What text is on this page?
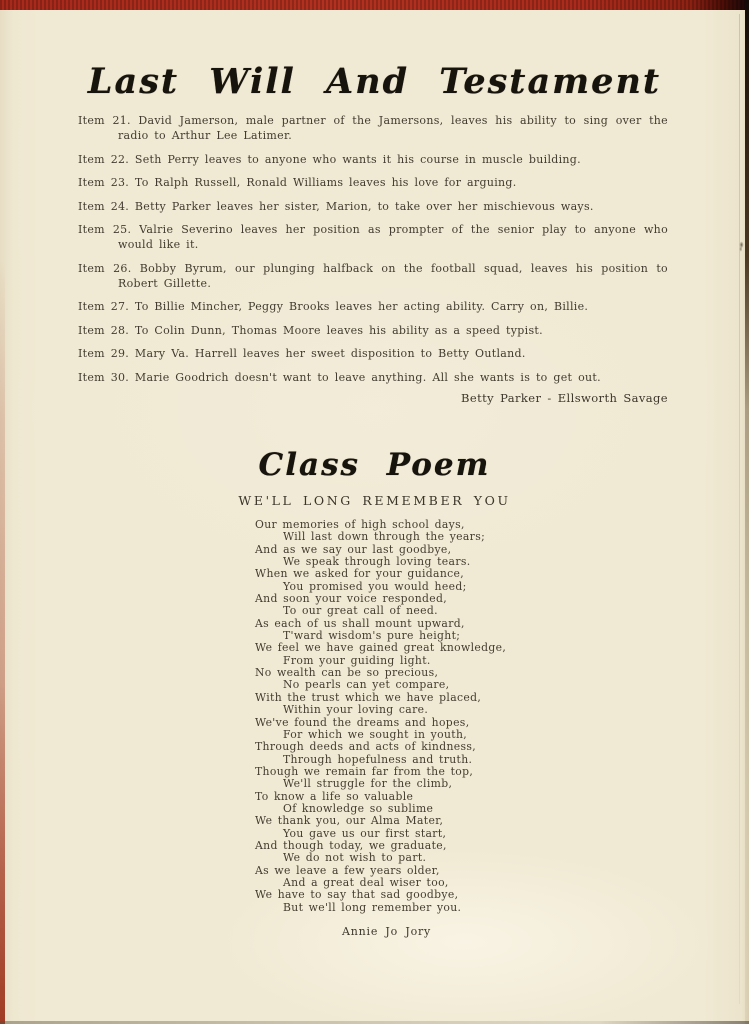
Last Will And Testament
Item 21. David Jamerson, male partner of the Jamersons, leaves his ability to sing over the radio to Arthur Lee Latimer.
Item 22. Seth Perry leaves to anyone who wants it his course in muscle building.
Item 23. To Ralph Russell, Ronald Williams leaves his love for arguing.
Item 24. Betty Parker leaves her sister, Marion, to take over her mischievous ways.
Item 25. Valrie Severino leaves her position as prompter of the senior play to anyone who would like it.
Item 26. Bobby Byrum, our plunging halfback on the football squad, leaves his position to Robert Gillette.
Item 27. To Billie Mincher, Peggy Brooks leaves her acting ability. Carry on, Billie.
Item 28. To Colin Dunn, Thomas Moore leaves his ability as a speed typist.
Item 29. Mary Va. Harrell leaves her sweet disposition to Betty Outland.
Item 30. Marie Goodrich doesn't want to leave anything. All she wants is to get out.
Betty Parker - Ellsworth Savage
Class Poem
WE'LL LONG REMEMBER YOU
Our memories of high school days,
Will last down through the years;
And as we say our last goodbye,
We speak through loving tears.
When we asked for your guidance,
You promised you would heed;
And soon your voice responded,
To our great call of need.
As each of us shall mount upward,
T'ward wisdom's pure height;
We feel we have gained great knowledge,
From your guiding light.
No wealth can be so precious,
No pearls can yet compare,
With the trust which we have placed,
Within your loving care.
We've found the dreams and hopes,
For which we sought in youth,
Through deeds and acts of kindness,
Through hopefulness and truth.
Though we remain far from the top,
We'll struggle for the climb,
To know a life so valuable
Of knowledge so sublime
We thank you, our Alma Mater,
You gave us our first start,
And though today, we graduate,
We do not wish to part.
As we leave a few years older,
And a great deal wiser too,
We have to say that sad goodbye,
But we'll long remember you.
Annie Jo Jory
